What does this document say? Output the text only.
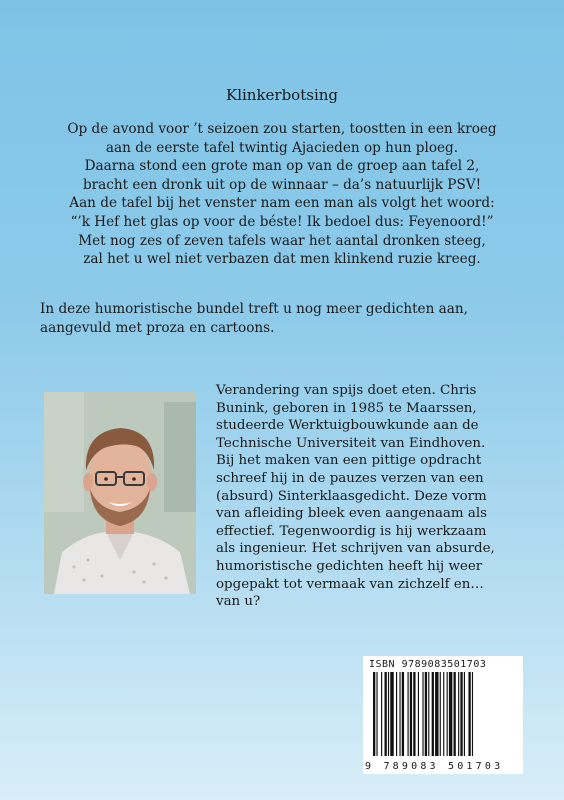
Klinkerbotsing
Op de avond voor ’t seizoen zou starten, toostten in een kroeg
aan de eerste tafel twintig Ajacieden op hun ploeg.
Daarna stond een grote man op van de groep aan tafel 2,
bracht een dronk uit op de winnaar – da’s natuurlijk PSV!
Aan de tafel bij het venster nam een man als volgt het woord:
“’k Hef het glas op voor de béste! Ik bedoel dus: Feyenoord!”
Met nog zes of zeven tafels waar het aantal dronken steeg,
zal het u wel niet verbazen dat men klinkend ruzie kreeg.
In deze humoristische bundel treft u nog meer gedichten aan,
aangevuld met proza en cartoons.
Verandering van spijs doet eten. Chris
Bunink, geboren in 1985 te Maarssen,
studeerde Werktuigbouwkunde aan de
Technische Universiteit van Eindhoven.
Bij het maken van een pittige opdracht
schreef hij in de pauzes verzen van een
(absurd) Sinterklaasgedicht. Deze vorm
van afleiding bleek even aangenaam als
effectief. Tegenwoordig is hij werkzaam
als ingenieur. Het schrijven van absurde,
humoristische gedichten heeft hij weer
opgepakt tot vermaak van zichzelf en…
van u?
ISBN 9789083501703
9 789083 501703
